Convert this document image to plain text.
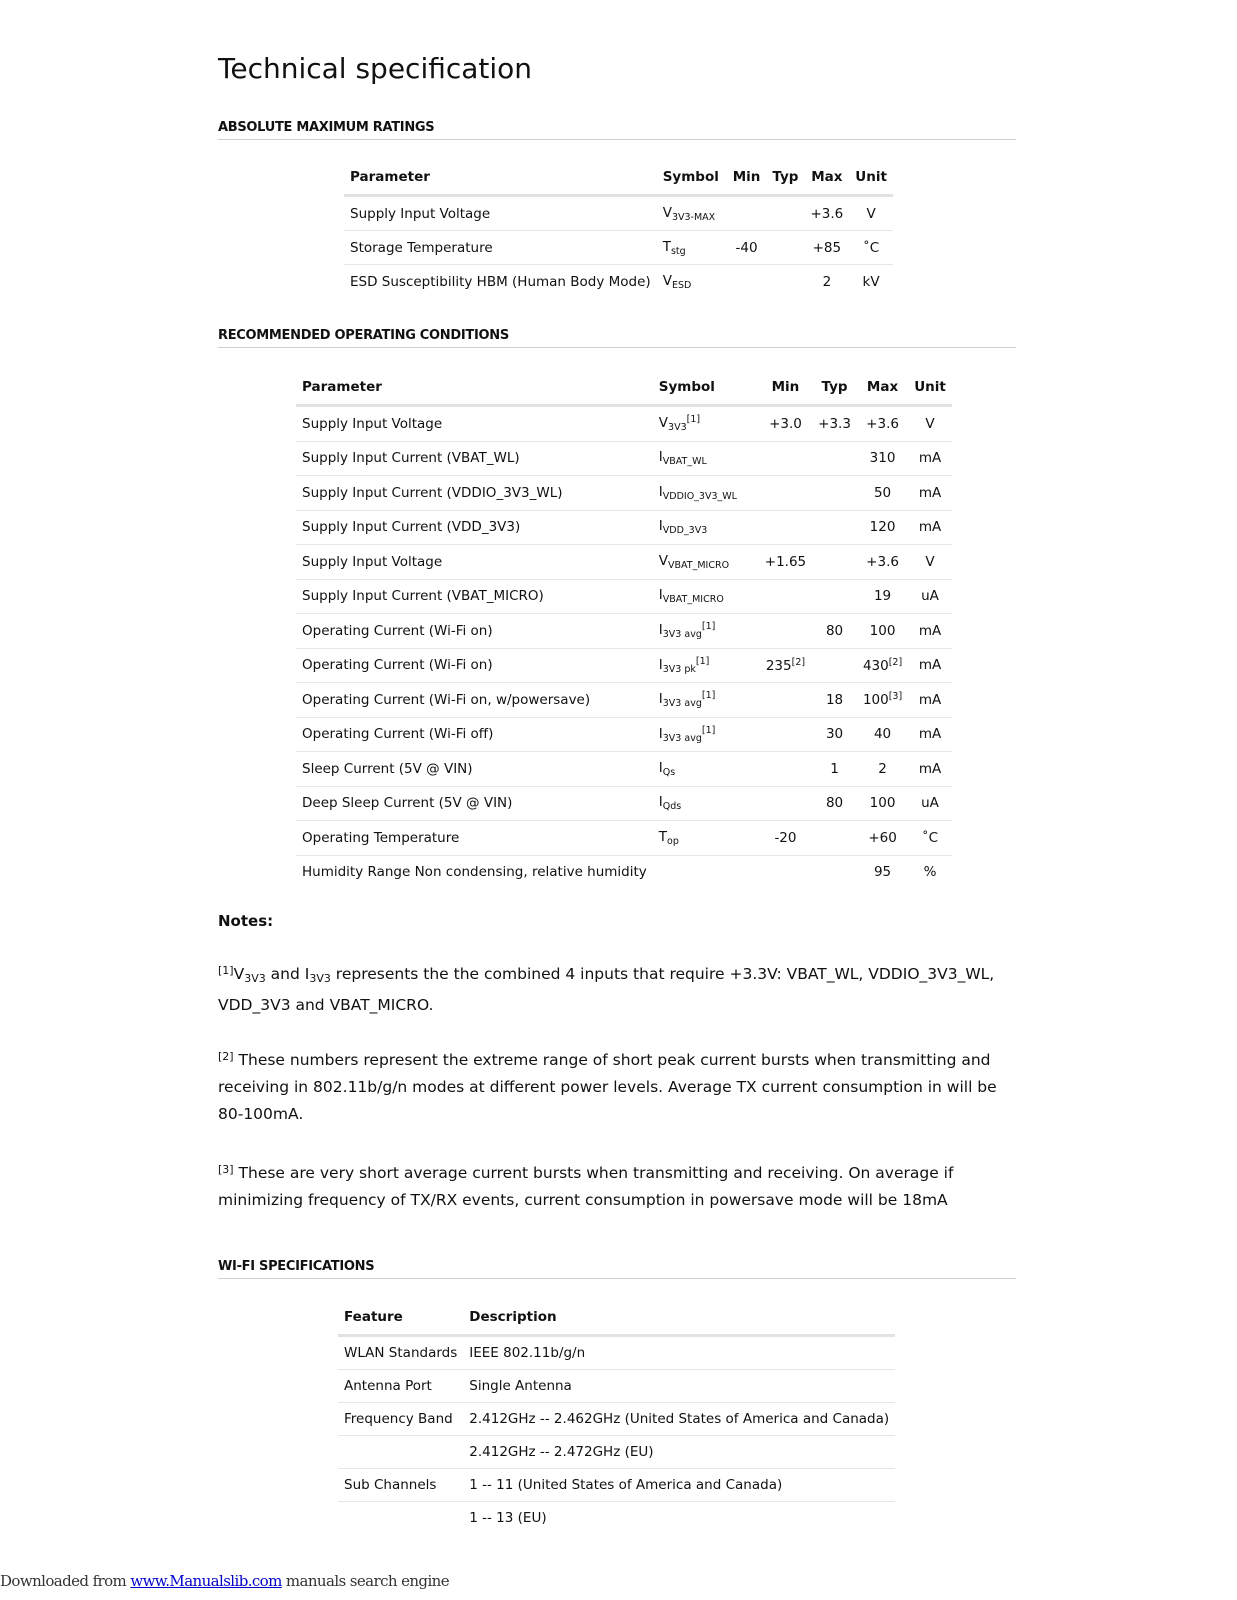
Technical specification
ABSOLUTE MAXIMUM RATINGS
Parameter	Symbol	Min	Typ	Max	Unit
Supply Input Voltage	$V_{3V3-MAX}$			+3.6	V
Storage Temperature	$T_{stg}$	-40		+85	˚C
ESD Susceptibility HBM (Human Body Mode)	$V_{ESD}$			2	kV
RECOMMENDED OPERATING CONDITIONS
Parameter	Symbol	Min	Typ	Max	Unit
Supply Input Voltage	$V_{3V3}[1]$	+3.0	+3.3	+3.6	V
Supply Input Current (VBAT_WL)	$I_{VBAT\_WL}$			310	mA
Supply Input Current (VDDIO_3V3_WL)	$I_{VDDIO\_3V3\_WL}$			50	mA
Supply Input Current (VDD_3V3)	$I_{VDD\_3V3}$			120	mA
Supply Input Voltage	$V_{VBAT\_MICRO}$	+1.65		+3.6	V
Supply Input Current (VBAT_MICRO)	$I_{VBAT\_MICRO}$			19	uA
Operating Current (Wi-Fi on)	$I_{3V3 avg}[1]$		80	100	mA
Operating Current (Wi-Fi on)	$I_{3V3 pk}[1]$	235[2]		430[2]	mA
Operating Current (Wi-Fi on, w/powersave)	$I_{3V3 avg}[1]$		18	100[3]	mA
Operating Current (Wi-Fi off)	$I_{3V3 avg}[1]$		30	40	mA
Sleep Current (5V @ VIN)	$I_{Qs}$		1	2	mA
Deep Sleep Current (5V @ VIN)	$I_{Qds}$		80	100	uA
Operating Temperature	$T_{op}$	-20		+60	˚C
Humidity Range Non condensing, relative humidity				95	%
Notes:

$[1]V_{3V3}$ and $I_{3V3}$ represents the the combined 4 inputs that require +3.3V: VBAT_WL, VDDIO_3V3_WL, VDD_3V3 and VBAT_MICRO.

[2] These numbers represent the extreme range of short peak current bursts when transmitting and receiving in 802.11b/g/n modes at different power levels. Average TX current consumption in will be 80-100mA.

[3] These are very short average current bursts when transmitting and receiving. On average if minimizing frequency of TX/RX events, current consumption in powersave mode will be 18mA

WI-FI SPECIFICATIONS
Feature	Description
WLAN Standards	IEEE 802.11b/g/n
Antenna Port	Single Antenna
Frequency Band	2.412GHz -- 2.462GHz (United States of America and Canada)
	2.412GHz -- 2.472GHz (EU)
Sub Channels	1 -- 11 (United States of America and Canada)
	1 -- 13 (EU)
Downloaded from www.Manualslib.com manuals search engine
